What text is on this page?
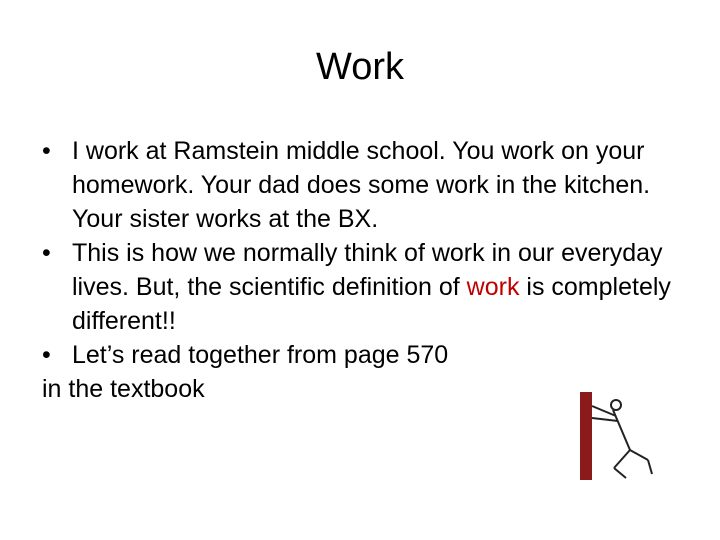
Work
• I work at Ramstein middle school. You work on your homework. Your dad does some work in the kitchen. Your sister works at the BX.
• This is how we normally think of work in our everyday lives. But, the scientific definition of work is completely different!!
• Let’s read together from page 570
in the textbook
